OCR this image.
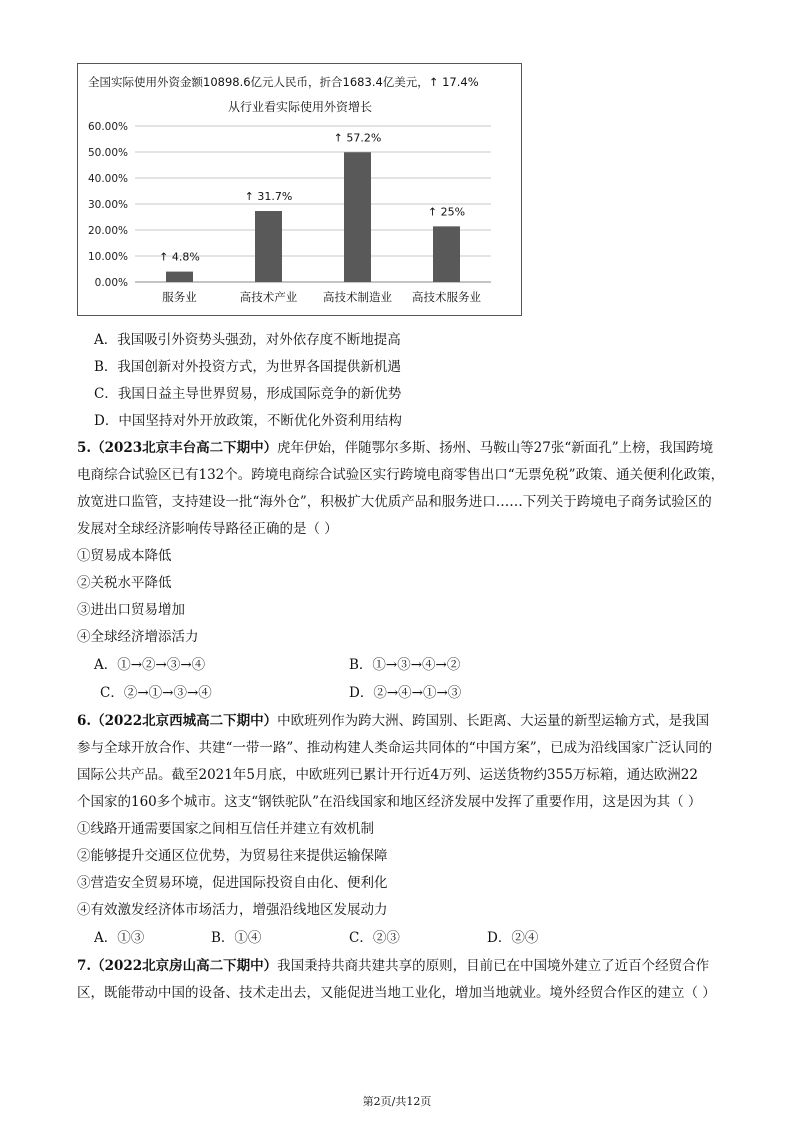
全国实际使用外资金额10898.6亿元人民币，折合1683.4亿美元，↑ 17.4%
从行业看实际使用外资增长
0.00%
10.00%
20.00%
30.00%
40.00%
50.00%
60.00%
↑ 4.8%
服务业
↑ 31.7%
高技术产业
↑ 57.2%
高技术制造业
↑ 25%
高技术服务业
A．我国吸引外资势头强劲，对外依存度不断地提高
B．我国创新对外投资方式，为世界各国提供新机遇
C．我国日益主导世界贸易，形成国际竞争的新优势
D．中国坚持对外开放政策，不断优化外资利用结构
5.（2023北京丰台高二下期中）虎年伊始，伴随鄂尔多斯、扬州、马鞍山等27张“新面孔”上榜，我国跨境
电商综合试验区已有132个。跨境电商综合试验区实行跨境电商零售出口“无票免税”政策、通关便利化政策，
放宽进口监管，支持建设一批“海外仓”，积极扩大优质产品和服务进口……下列关于跨境电子商务试验区的
发展对全球经济影响传导路径正确的是（ ）
①贸易成本降低
②关税水平降低
③进出口贸易增加
④全球经济增添活力
A．①→②→③→④	B．①→③→④→②
C．②→①→③→④	D．②→④→①→③
6.（2022北京西城高二下期中）中欧班列作为跨大洲、跨国别、长距离、大运量的新型运输方式，是我国
参与全球开放合作、共建“一带一路”、推动构建人类命运共同体的“中国方案”，已成为沿线国家广泛认同的
国际公共产品。截至2021年5月底，中欧班列已累计开行近4万列、运送货物约355万标箱，通达欧洲22
个国家的160多个城市。这支“钢铁驼队”在沿线国家和地区经济发展中发挥了重要作用，这是因为其（ ）
①线路开通需要国家之间相互信任并建立有效机制
②能够提升交通区位优势，为贸易往来提供运输保障
③营造安全贸易环境，促进国际投资自由化、便利化
④有效激发经济体市场活力，增强沿线地区发展动力
A．①③	B．①④	C．②③	D．②④
7.（2022北京房山高二下期中）我国秉持共商共建共享的原则，目前已在中国境外建立了近百个经贸合作
区，既能带动中国的设备、技术走出去，又能促进当地工业化，增加当地就业。境外经贸合作区的建立（ ）
第2页/共12页
